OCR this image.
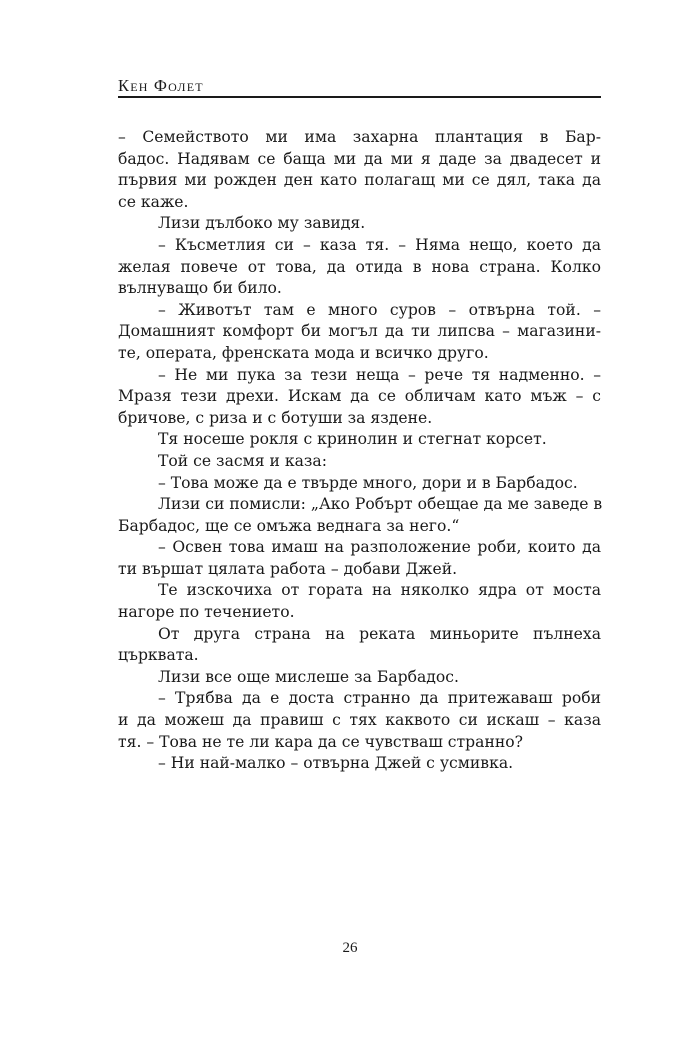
Кен Фолет
– Семейството ми има захарна плантация в Бар-
бадос. Надявам се баща ми да ми я даде за двадесет и
първия ми рожден ден като полагащ ми се дял, така да
се каже.
Лизи дълбоко му завидя.
– Късметлия си – каза тя. – Няма нещо, което да
желая повече от това, да отида в нова страна. Колко
вълнуващо би било.
– Животът там е много суров – отвърна той. –
Домашният комфорт би могъл да ти липсва – магазини-
те, операта, френската мода и всичко друго.
– Не ми пука за тези неща – рече тя надменно. –
Мразя тези дрехи. Искам да се обличам като мъж – с
бричове, с риза и с ботуши за яздене.
Тя носеше рокля с кринолин и стегнат корсет.
Той се засмя и каза:
– Това може да е твърде много, дори и в Барбадос.
Лизи си помисли: „Ако Робърт обещае да ме заведе в
Барбадос, ще се омъжа веднага за него.“
– Освен това имаш на разположение роби, които да
ти вършат цялата работа – добави Джей.
Те изскочиха от гората на няколко ядра от моста
нагоре по течението.
От друга страна на реката миньорите пълнеха
църквата.
Лизи все още мислеше за Барбадос.
– Трябва да е доста странно да притежаваш роби
и да можеш да правиш с тях каквото си искаш – каза
тя. – Това не те ли кара да се чувстваш странно?
– Ни най-малко – отвърна Джей с усмивка.
26
